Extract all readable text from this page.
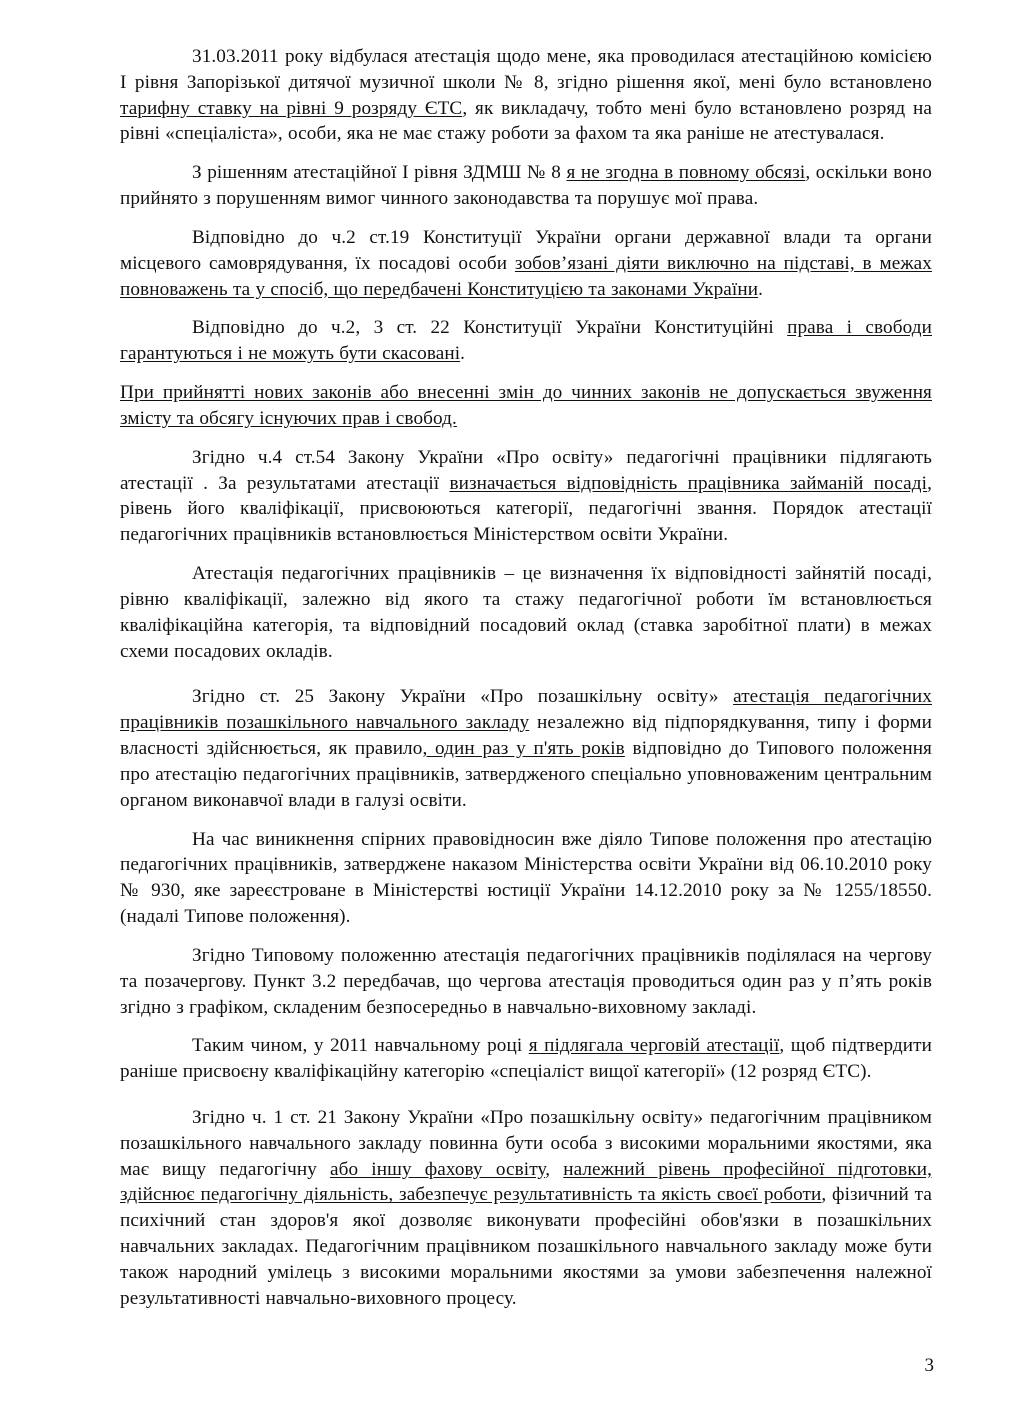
31.03.2011 року відбулася атестація щодо мене, яка проводилася атестаційною комісією І рівня Запорізької дитячої музичної школи № 8, згідно рішення якої, мені було встановлено тарифну ставку на рівні 9 розряду ЄТС, як викладачу, тобто мені було встановлено розряд на рівні «спеціаліста», особи, яка не має стажу роботи за фахом та яка раніше не атестувалася.
З рішенням атестаційної І рівня ЗДМШ № 8 я не згодна в повному обсязі, оскільки воно прийнято з порушенням вимог чинного законодавства та порушує мої права.
Відповідно до ч.2 ст.19 Конституції України органи державної влади та органи місцевого самоврядування, їх посадові особи зобов’язані діяти виключно на підставі, в межах повноважень та у спосіб, що передбачені Конституцією та законами України.
Відповідно до ч.2, 3 ст. 22 Конституції України Конституційні права і свободи гарантуються і не можуть бути скасовані.
При прийнятті нових законів або внесенні змін до чинних законів не допускається звуження змісту та обсягу існуючих прав і свобод.
Згідно ч.4 ст.54 Закону України «Про освіту» педагогічні працівники підлягають атестації . За результатами атестації визначається відповідність працівника займаній посаді, рівень його кваліфікації, присвоюються категорії, педагогічні звання. Порядок атестації педагогічних працівників встановлюється Міністерством освіти України.
Атестація педагогічних працівників – це визначення їх відповідності зайнятій посаді, рівню кваліфікації, залежно від якого та стажу педагогічної роботи їм встановлюється кваліфікаційна категорія, та відповідний посадовий оклад (ставка заробітної плати) в межах схеми посадових окладів.
Згідно ст. 25 Закону України «Про позашкільну освіту» атестація педагогічних працівників позашкільного навчального закладу незалежно від підпорядкування, типу і форми власності здійснюється, як правило, один раз у п'ять років відповідно до Типового положення про атестацію педагогічних працівників, затвердженого спеціально уповноваженим центральним органом виконавчої влади в галузі освіти.
На час виникнення спірних правовідносин вже діяло Типове положення про атестацію педагогічних працівників, затверджене наказом Міністерства освіти України від 06.10.2010 року № 930, яке зареєстроване в Міністерстві юстиції України 14.12.2010 року за № 1255/18550. (надалі Типове положення).
Згідно Типовому положенню атестація педагогічних працівників поділялася на чергову та позачергову. Пункт 3.2 передбачав, що чергова атестація проводиться один раз у п’ять років згідно з графіком, складеним безпосередньо в навчально-виховному закладі.
Таким чином, у 2011 навчальному році я підлягала черговій атестації, щоб підтвердити раніше присвоєну кваліфікаційну категорію «спеціаліст вищої категорії» (12 розряд ЄТС).
Згідно ч. 1 ст. 21 Закону України «Про позашкільну освіту» педагогічним працівником позашкільного навчального закладу повинна бути особа з високими моральними якостями, яка має вищу педагогічну або іншу фахову освіту, належний рівень професійної підготовки, здійснює педагогічну діяльність, забезпечує результативність та якість своєї роботи, фізичний та психічний стан здоров'я якої дозволяє виконувати професійні обов'язки в позашкільних навчальних закладах. Педагогічним працівником позашкільного навчального закладу може бути також народний умілець з високими моральними якостями за умови забезпечення належної результативності навчально-виховного процесу.
3
